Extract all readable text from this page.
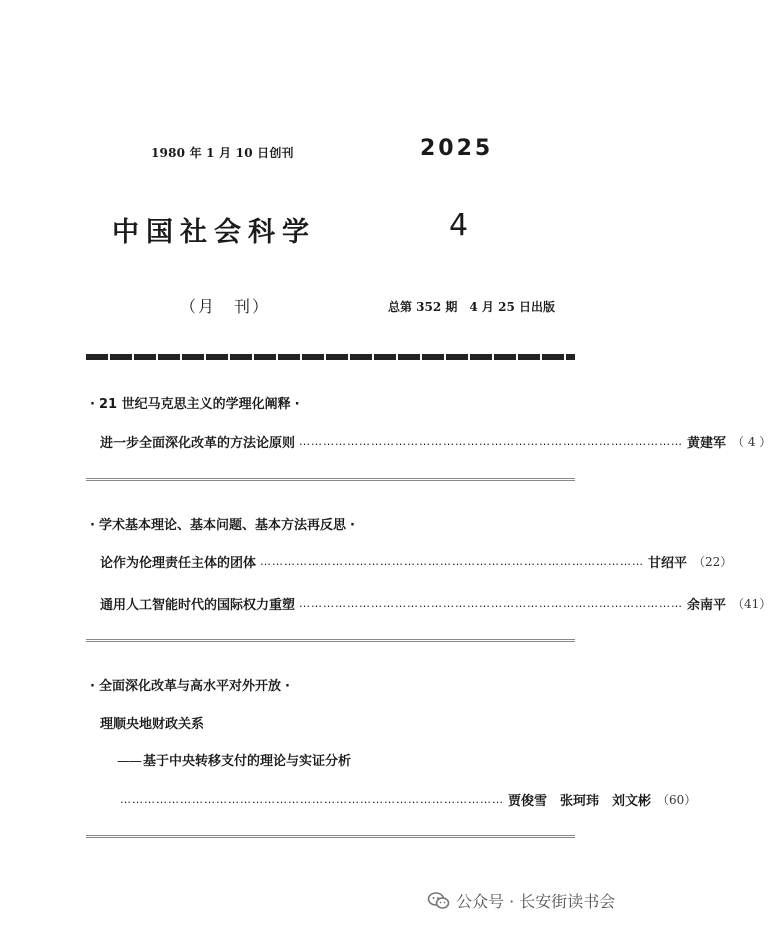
1980 年 1 月 10 日创刊	2025
中国社会科学	4
（月　刊）	总第 352 期　4 月 25 日出版
· 21 世纪马克思主义的学理化阐释 ·
进一步全面深化改革的方法论原则 …………………………………………………………………………………… 黄建军 （ 4 ）
· 学术基本理论、基本问题、基本方法再反思 ·
论作为伦理责任主体的团体 …………………………………………………………………………………… 甘绍平 （22）
通用人工智能时代的国际权力重塑 …………………………………………………………………………………… 余南平 （41）
· 全面深化改革与高水平对外开放 ·
理顺央地财政关系
—— 基于中央转移支付的理论与实证分析
…………………………………………………………………………………… 贾俊雪　张珂玮　刘文彬 （60）
公众号 · 长安街读书会
